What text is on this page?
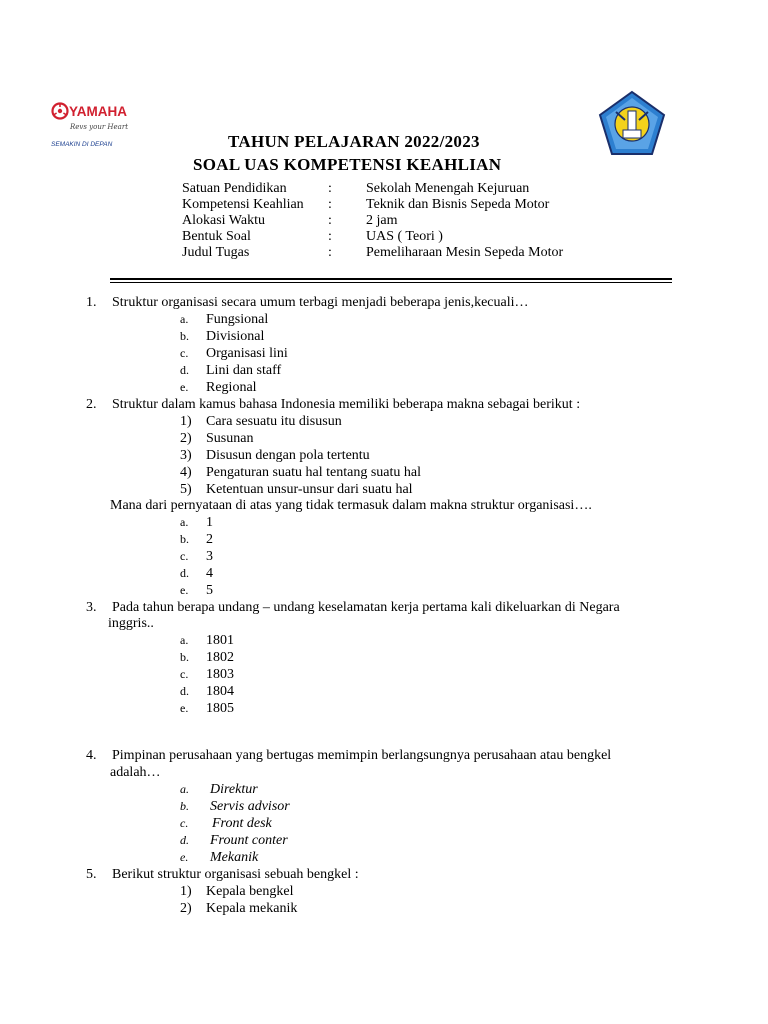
YAMAHA
Revs your Heart
SEMAKIN DI DEPAN	TAHUN PELAJARAN 2022/2023
SOAL UAS KOMPETENSI KEAHLIAN
Satuan Pendidikan	: Sekolah Menengah Kejuruan
Kompetensi Keahlian : Teknik dan Bisnis Sepeda Motor
Alokasi Waktu	: 2 jam
Bentuk Soal	: UAS ( Teori )
Judul Tugas	: Pemeliharaan Mesin Sepeda Motor
1. Struktur organisasi secara umum terbagi menjadi beberapa jenis,kecuali…
a. Fungsional
b. Divisional
c. Organisasi lini
d. Lini dan staff
e. Regional
2. Struktur dalam kamus bahasa Indonesia memiliki beberapa makna sebagai berikut :
1) Cara sesuatu itu disusun
2) Susunan
3) Disusun dengan pola tertentu
4) Pengaturan suatu hal tentang suatu hal
5) Ketentuan unsur-unsur dari suatu hal
Mana dari pernyataan di atas yang tidak termasuk dalam makna struktur organisasi….
a. 1
b. 2
c. 3
d. 4
e. 5
3. Pada tahun berapa undang – undang keselamatan kerja pertama kali dikeluarkan di Negara
inggris..
a. 1801
b. 1802
c. 1803
d. 1804
e. 1805
4. Pimpinan perusahaan yang bertugas memimpin berlangsungnya perusahaan atau bengkel
adalah…
a. Direktur
b. Servis advisor
c. Front desk
d. Frount conter
e. Mekanik
5. Berikut struktur organisasi sebuah bengkel :
1) Kepala bengkel
2) Kepala mekanik
